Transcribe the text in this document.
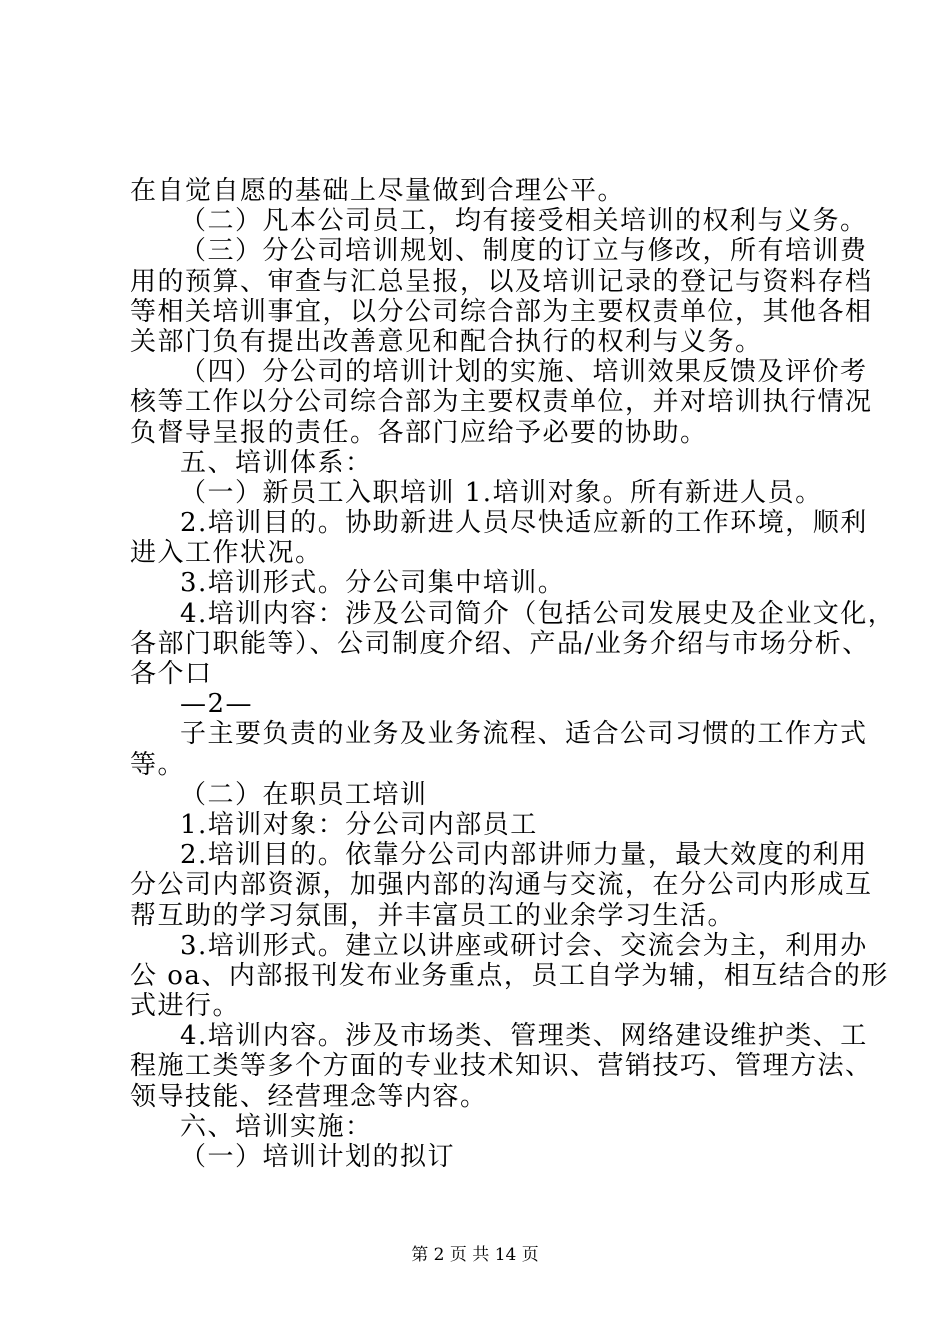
在自觉自愿的基础上尽量做到合理公平。
（二）凡本公司员工，均有接受相关培训的权利与义务。
（三）分公司培训规划、制度的订立与修改，所有培训费
用的预算、审查与汇总呈报，以及培训记录的登记与资料存档
等相关培训事宜，以分公司综合部为主要权责单位，其他各相
关部门负有提出改善意见和配合执行的权利与义务。
（四）分公司的培训计划的实施、培训效果反馈及评价考
核等工作以分公司综合部为主要权责单位，并对培训执行情况
负督导呈报的责任。各部门应给予必要的协助。
五、培训体系：
（一）新员工入职培训 1.培训对象。所有新进人员。
2.培训目的。协助新进人员尽快适应新的工作环境，顺利
进入工作状况。
3.培训形式。分公司集中培训。
4.培训内容：涉及公司简介（包括公司发展史及企业文化，
各部门职能等）、公司制度介绍、产品/业务介绍与市场分析、
各个口
—2—
子主要负责的业务及业务流程、适合公司习惯的工作方式
等。
（二）在职员工培训
1.培训对象：分公司内部员工
2.培训目的。依靠分公司内部讲师力量，最大效度的利用
分公司内部资源，加强内部的沟通与交流，在分公司内形成互
帮互助的学习氛围，并丰富员工的业余学习生活。
3.培训形式。建立以讲座或研讨会、交流会为主，利用办
公 oa、内部报刊发布业务重点，员工自学为辅，相互结合的形
式进行。
4.培训内容。涉及市场类、管理类、网络建设维护类、工
程施工类等多个方面的专业技术知识、营销技巧、管理方法、
领导技能、经营理念等内容。
六、培训实施：
（一）培训计划的拟订
第 2 页 共 14 页
